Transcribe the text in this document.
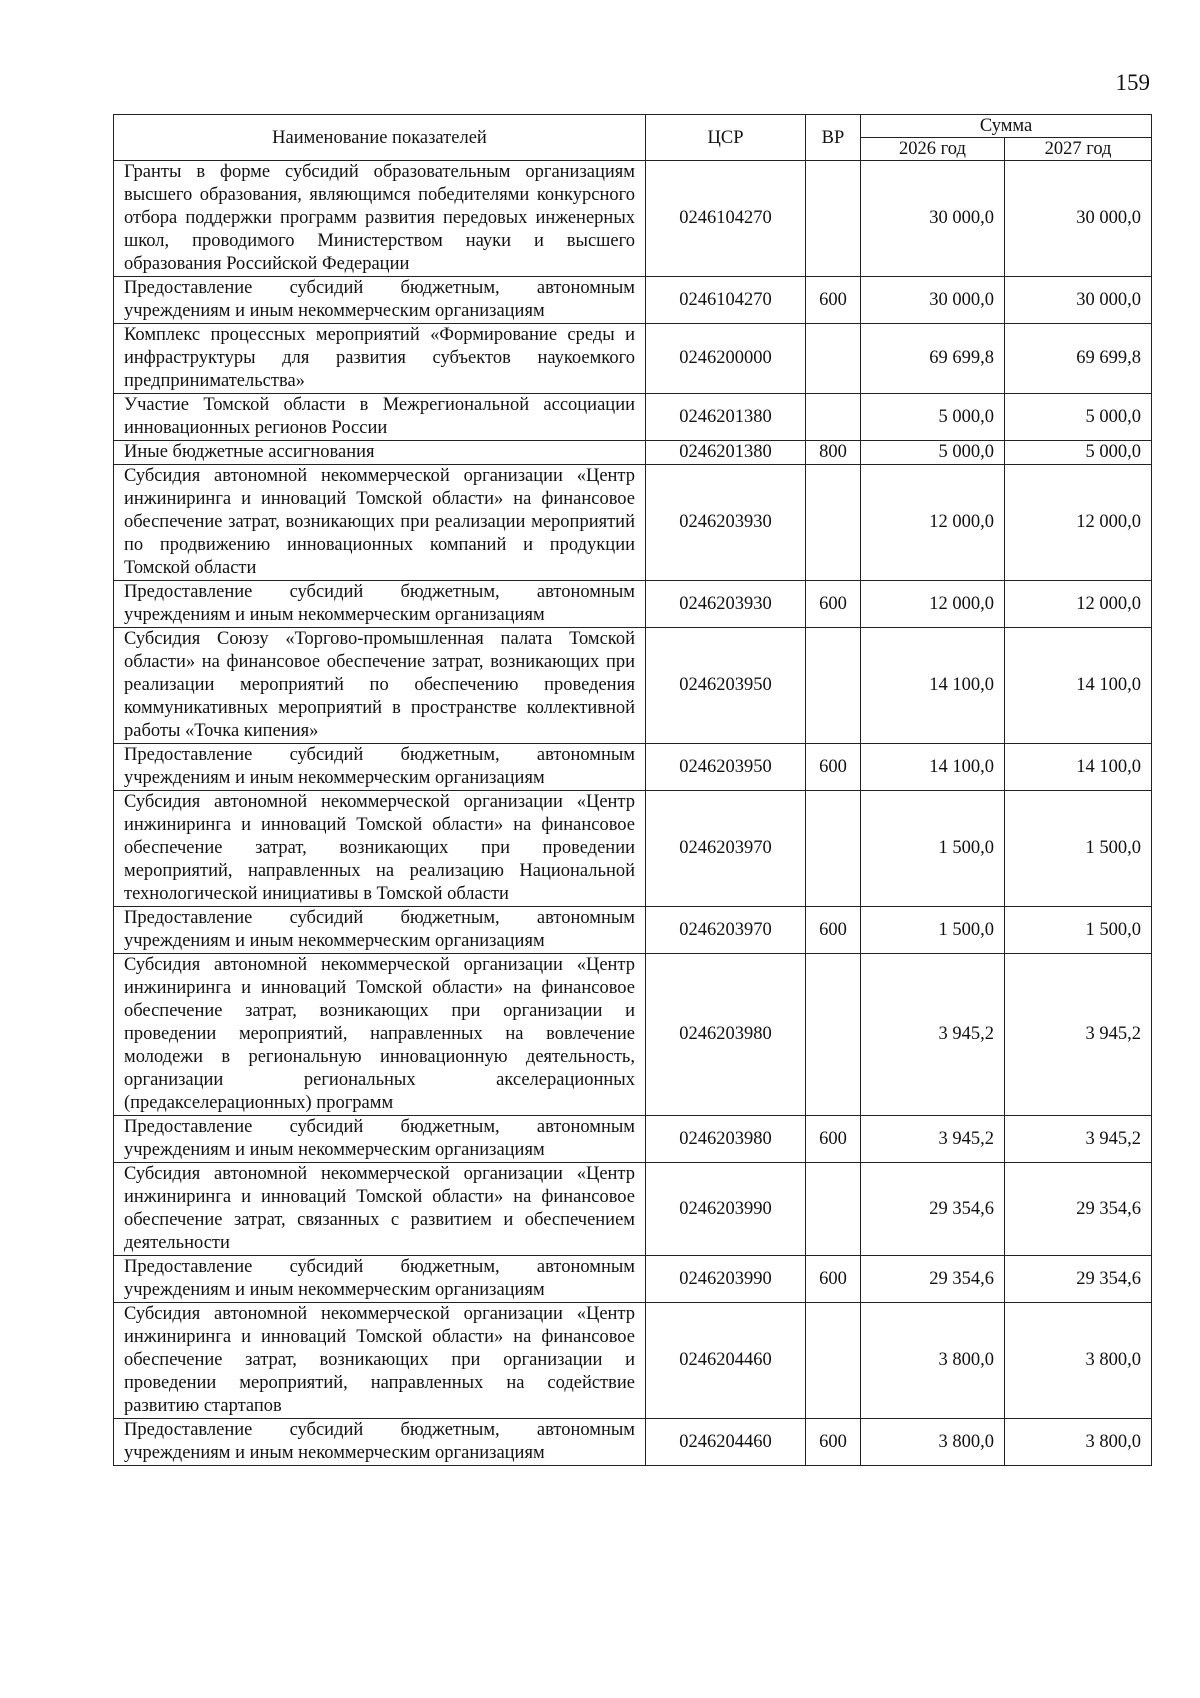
159
Наименование показателей	ЦСР	ВР	Сумма	
			2026 год	2027 год
Гранты в форме субсидий образовательным организациям высшего образования, являющимся победителями конкурсного отбора поддержки программ развития передовых инженерных школ, проводимого Министерством науки и высшего образования Российской Федерации	0246104270		30 000,0	30 000,0
Предоставление субсидий бюджетным, автономным учреждениям и иным некоммерческим организациям	0246104270	600	30 000,0	30 000,0
Комплекс процессных мероприятий «Формирование среды и инфраструктуры для развития субъектов наукоемкого предпринимательства»	0246200000		69 699,8	69 699,8
Участие Томской области в Межрегиональной ассоциации инновационных регионов России	0246201380		5 000,0	5 000,0
Иные бюджетные ассигнования	0246201380	800	5 000,0	5 000,0
Субсидия автономной некоммерческой организации «Центр инжиниринга и инноваций Томской области» на финансовое обеспечение затрат, возникающих при реализации мероприятий по продвижению инновационных компаний и продукции Томской области	0246203930		12 000,0	12 000,0
Предоставление субсидий бюджетным, автономным учреждениям и иным некоммерческим организациям	0246203930	600	12 000,0	12 000,0
Субсидия Союзу «Торгово-промышленная палата Томской области» на финансовое обеспечение затрат, возникающих при реализации мероприятий по обеспечению проведения коммуникативных мероприятий в пространстве коллективной работы «Точка кипения»	0246203950		14 100,0	14 100,0
Предоставление субсидий бюджетным, автономным учреждениям и иным некоммерческим организациям	0246203950	600	14 100,0	14 100,0
Субсидия автономной некоммерческой организации «Центр инжиниринга и инноваций Томской области» на финансовое обеспечение затрат, возникающих при проведении мероприятий, направленных на реализацию Национальной технологической инициативы в Томской области	0246203970		1 500,0	1 500,0
Предоставление субсидий бюджетным, автономным учреждениям и иным некоммерческим организациям	0246203970	600	1 500,0	1 500,0
Субсидия автономной некоммерческой организации «Центр инжиниринга и инноваций Томской области» на финансовое обеспечение затрат, возникающих при организации и проведении мероприятий, направленных на вовлечение молодежи в региональную инновационную деятельность, организации региональных акселерационных (предакселерационных) программ	0246203980		3 945,2	3 945,2
Предоставление субсидий бюджетным, автономным учреждениям и иным некоммерческим организациям	0246203980	600	3 945,2	3 945,2
Субсидия автономной некоммерческой организации «Центр инжиниринга и инноваций Томской области» на финансовое обеспечение затрат, связанных с развитием и обеспечением деятельности	0246203990		29 354,6	29 354,6
Предоставление субсидий бюджетным, автономным учреждениям и иным некоммерческим организациям	0246203990	600	29 354,6	29 354,6
Субсидия автономной некоммерческой организации «Центр инжиниринга и инноваций Томской области» на финансовое обеспечение затрат, возникающих при организации и проведении мероприятий, направленных на содействие развитию стартапов	0246204460		3 800,0	3 800,0
Предоставление субсидий бюджетным, автономным учреждениям и иным некоммерческим организациям	0246204460	600	3 800,0	3 800,0
